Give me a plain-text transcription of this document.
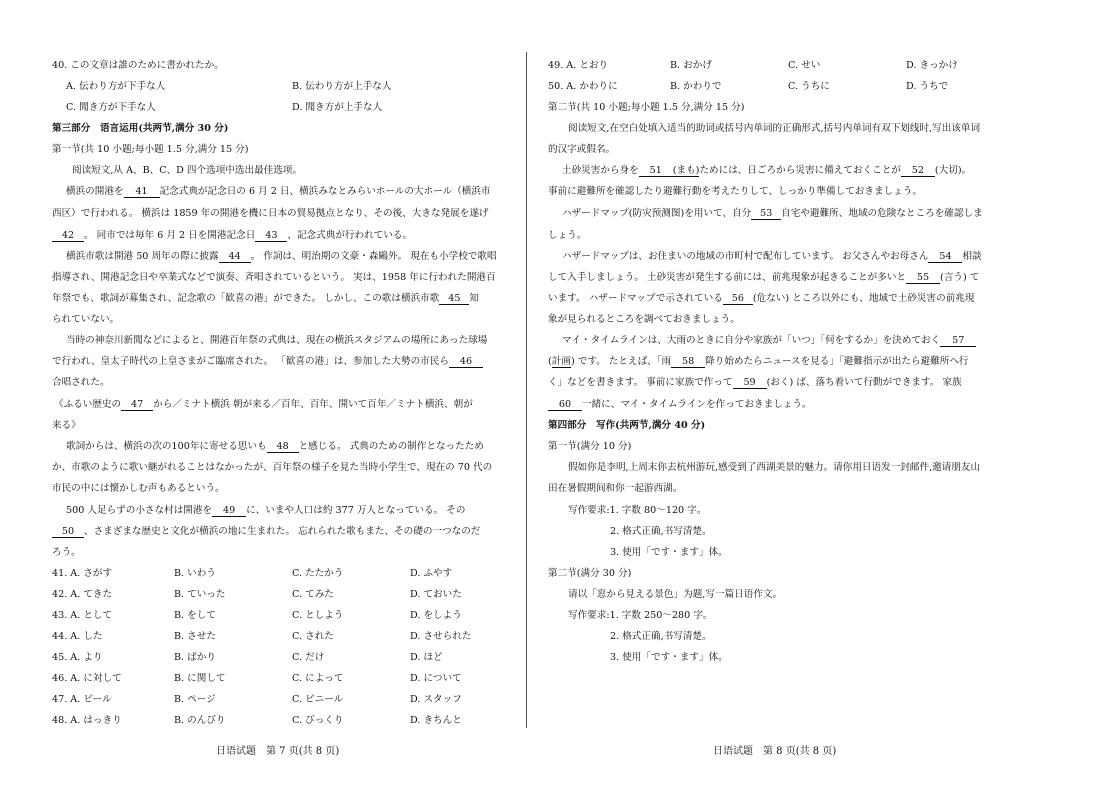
40. この文章は誰のために書かれたか。
A. 伝わり方が下手な人	B. 伝わり方が上手な人
C. 聞き方が下手な人	D. 聞き方が上手な人
第三部分　语言运用(共两节,满分 30 分)
第一节(共 10 小题;每小题 1.5 分,满分 15 分)
阅读短文,从 A、B、C、D 四个选项中选出最佳选项。
横浜の開港を 41 記念式典が記念日の 6 月 2 日、横浜みなとみらいホールの大ホール（横浜市
西区）で行われる。 横浜は 1859 年の開港を機に日本の貿易拠点となり、その後、大きな発展を遂げ
42 。 同市では毎年 6 月 2 日を開港記念日 43 、記念式典が行われている。
横浜市歌は開港 50 周年の際に披露 44 。 作詞は、明治期の文豪・森鷗外。 現在も小学校で歌唱
指導され、開港記念日や卒業式などで演奏、斉唱されているという。 実は、1958 年に行われた開港百
年祭でも、歌詞が募集され、記念歌の「歓喜の港」ができた。 しかし、この歌は横浜市歌 45 知
られていない。
当時の神奈川新聞などによると、開港百年祭の式典は、現在の横浜スタジアムの場所にあった球場
で行われ、皇太子時代の上皇さまがご臨席された。 「歓喜の港」は、参加した大勢の市民ら 46
合唱された。
《ふるい歴史の 47 から／ミナト横浜 朝が来る／百年、百年、開いて百年／ミナト横浜、朝が
来る》
歌詞からは、横浜の次の100年に寄せる思いも 48 と感じる。 式典のための制作となったため
か、市歌のように歌い継がれることはなかったが、百年祭の様子を見た当時小学生で、現在の 70 代の
市民の中には懐かしむ声もあるという。
500 人足らずの小さな村は開港を 49 に、いまや人口は約 377 万人となっている。 その
50 、さまざまな歴史と文化が横浜の地に生まれた。 忘れられた歌もまた、その礎の一つなのだ
ろう。
41. A. さがす	B. いわう	C. たたかう	D. ふやす
42. A. てきた	B. ていった	C. てみた	D. ておいた
43. A. として	B. をして	C. としよう	D. をしよう
44. A. した	B. させた	C. された	D. させられた
45. A. より	B. ばかり	C. だけ	D. ほど
46. A. に対して	B. に関して	C. によって	D. について
47. A. ビール	B. ページ	C. ビニール	D. スタッフ
48. A. はっきり	B. のんびり	C. びっくり	D. きちんと
日语试题　第 7 页(共 8 页)
49. A. とおり	B. おかげ	C. せい	D. きっかけ
50. A. かわりに	B. かわりで	C. うちに	D. うちで
第二节(共 10 小题;每小题 1.5 分,满分 15 分)
阅读短文,在空白处填入适当的助词或括号内单词的正确形式,括号内单词有双下划线时,写出该单词
的汉字或假名。
土砂災害から身を 51 (まも)ためには、日ごろから災害に備えておくことが 52 (大切)。
事前に避難所を確認したり避難行動を考えたりして、しっかり準備しておきましょう。
ハザードマップ(防灾预测图)を用いて、自分 53 自宅や避難所、地域の危険なところを確認しま
しょう。
ハザードマップは、お住まいの地域の市町村で配布しています。 お父さんやお母さん 54 相談
して入手しましょう。 土砂災害が発生する前には、前兆現象が起きることが多いと 55 (言う) て
います。 ハザードマップで示されている 56 (危ない) ところ以外にも、地域で土砂災害の前兆現
象が見られるところを調べておきましょう。
マイ・タイムラインは、大雨のときに自分や家族が「いつ」「何をするか」を決めておく 57
(計画) です。 たとえば、「雨 58 降り始めたらニュースを見る」「避難指示が出たら避難所へ行
く」などを書きます。 事前に家族で作って 59 (おく) ば、落ち着いて行動ができます。 家族
60 一緒に、マイ・タイムラインを作っておきましょう。
第四部分　写作(共两节,满分 40 分)
第一节(满分 10 分)
假如你是李明,上周末你去杭州游玩,感受到了西湖美景的魅力。请你用日语发一封邮件,邀请朋友山
田在暑假期间和你一起游西湖。
写作要求:1. 字数 80～120 字。
2. 格式正确,书写清楚。
3. 使用「です・ます」体。
第二节(满分 30 分)
请以「窓から見える景色」为题,写一篇日语作文。
写作要求:1. 字数 250～280 字。
2. 格式正确,书写清楚。
3. 使用「です・ます」体。
日语试题　第 8 页(共 8 页)
